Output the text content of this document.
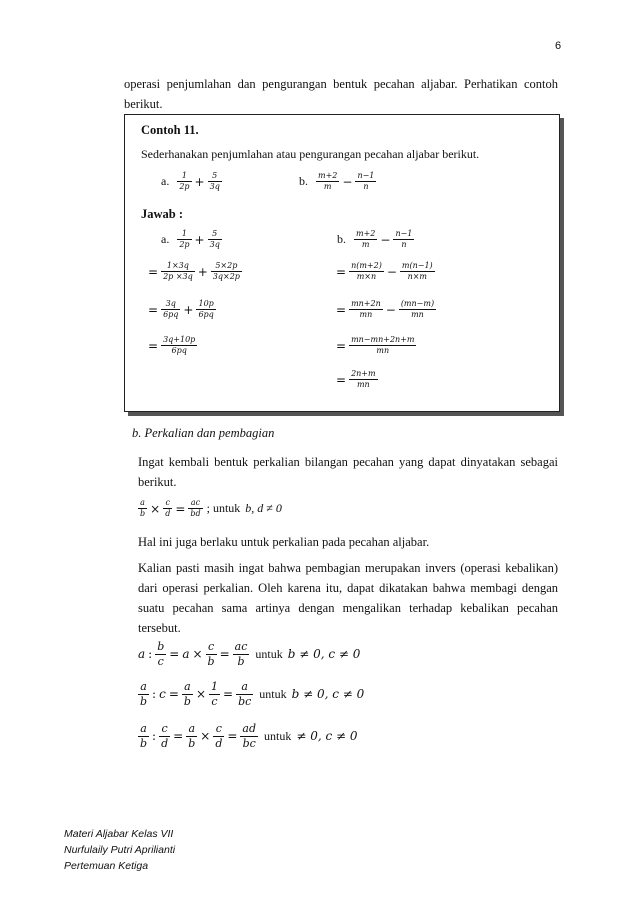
6
operasi penjumlahan dan pengurangan bentuk pecahan aljabar. Perhatikan contoh
berikut.
Contoh 11.
Sederhanakan penjumlahan atau pengurangan pecahan aljabar berikut.
a. $\frac{1}{2p} + \frac{5}{3q}$	b. $\frac{m+2}{m} - \frac{n-1}{n}$
Jawab :
a. $\frac{1}{2p} + \frac{5}{3q}$
= $\frac{1\times 3q}{2p \times 3q} + \frac{5\times 2p}{3q\times 2p}$
= $\frac{3q}{6pq} + \frac{10p}{6pq}$
= $\frac{3q+10p}{6pq}$
b. $\frac{m+2}{m} - \frac{n-1}{n}$
= $\frac{n(m+2)}{m\times n} - \frac{m(n-1)}{n\times m}$
= $\frac{mn+2n}{mn} - \frac{(mn-m)}{mn}$
= $\frac{mn-mn+2n+m}{mn}$
= $\frac{2n+m}{mn}$
b. Perkalian dan pembagian
Ingat kembali bentuk perkalian bilangan pecahan yang dapat dinyatakan sebagai
berikut.
$\frac{a}{b} \times \frac{c}{d} = \frac{ac}{bd}$ ; untuk b, d ≠ 0
Hal ini juga berlaku untuk perkalian pada pecahan aljabar.
Kalian pasti masih ingat bahwa pembagian merupakan invers (operasi kebalikan)
dari operasi perkalian. Oleh karena itu, dapat dikatakan bahwa membagi dengan
suatu pecahan sama artinya dengan mengalikan terhadap kebalikan pecahan
tersebut.
a : $\frac{b}{c} = a \times \frac{c}{b} = \frac{ac}{b}$ untuk b ≠ 0, c ≠ 0
$\frac{a}{b}$ : $c = \frac{a}{b} \times \frac{1}{c} = \frac{a}{bc}$ untuk b ≠ 0, c ≠ 0
$\frac{a}{b}$ : $\frac{c}{d} = \frac{a}{b} \times \frac{c}{d} = \frac{ad}{bc}$ untuk ≠ 0, c ≠ 0
Materi Aljabar Kelas VII
Nurfulaily Putri Aprilianti
Pertemuan Ketiga
